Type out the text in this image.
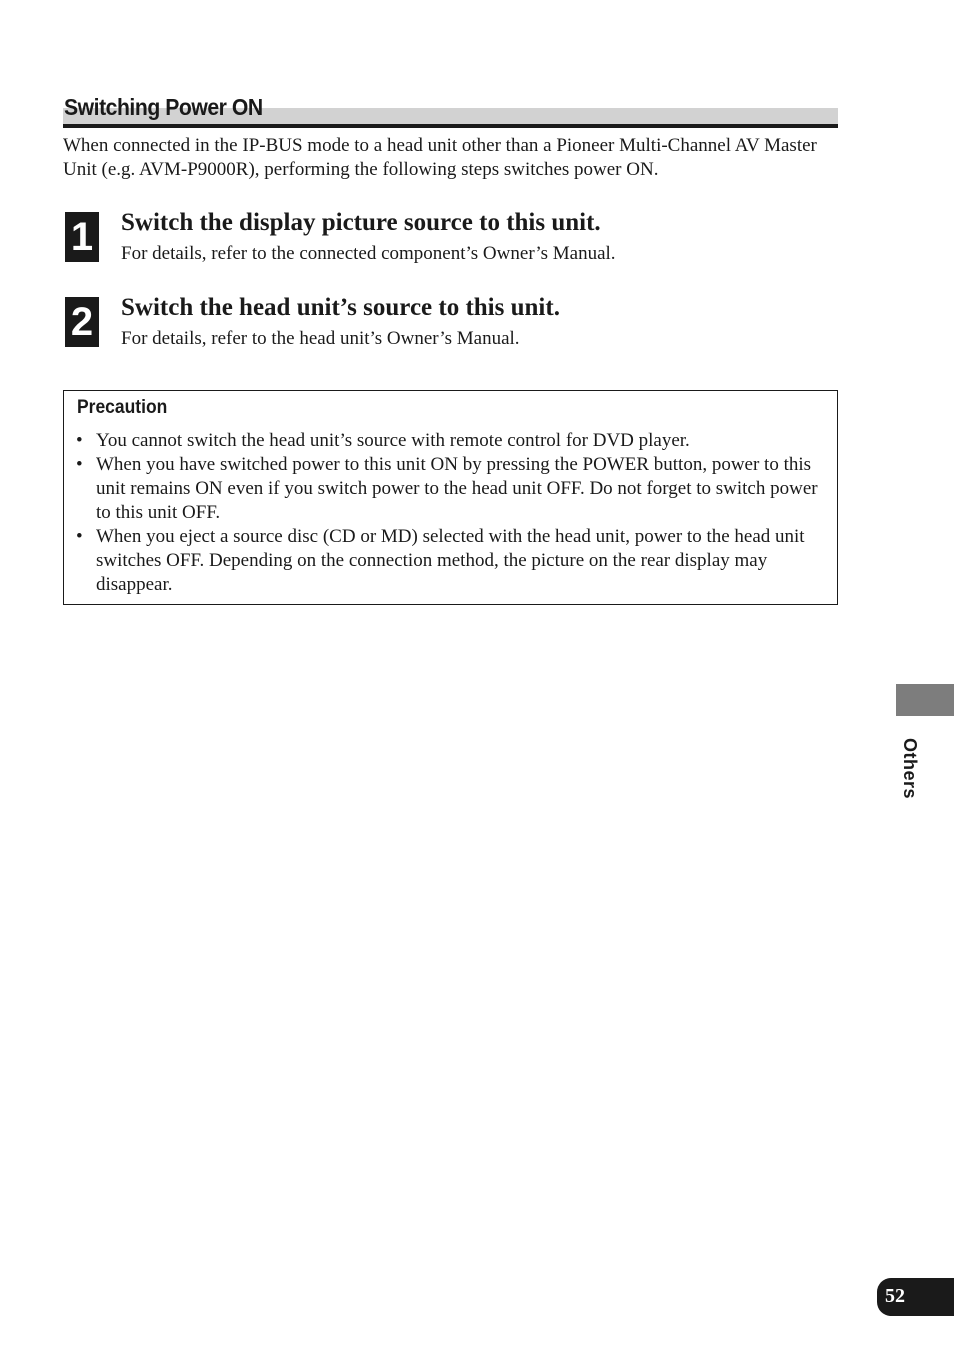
Switching Power ON

When connected in the IP-BUS mode to a head unit other than a Pioneer Multi-Channel AV Master Unit (e.g. AVM-P9000R), performing the following steps switches power ON.

1 Switch the display picture source to this unit.
For details, refer to the connected component’s Owner’s Manual.
2 Switch the head unit’s source to this unit.
For details, refer to the head unit’s Owner’s Manual.
Precaution
• You cannot switch the head unit’s source with remote control for DVD player.
• When you have switched power to this unit ON by pressing the POWER button, power to this unit remains ON even if you switch power to the head unit OFF. Do not forget to switch power to this unit OFF.
• When you eject a source disc (CD or MD) selected with the head unit, power to the head unit switches OFF. Depending on the connection method, the picture on the rear display may disappear.
Others
52
